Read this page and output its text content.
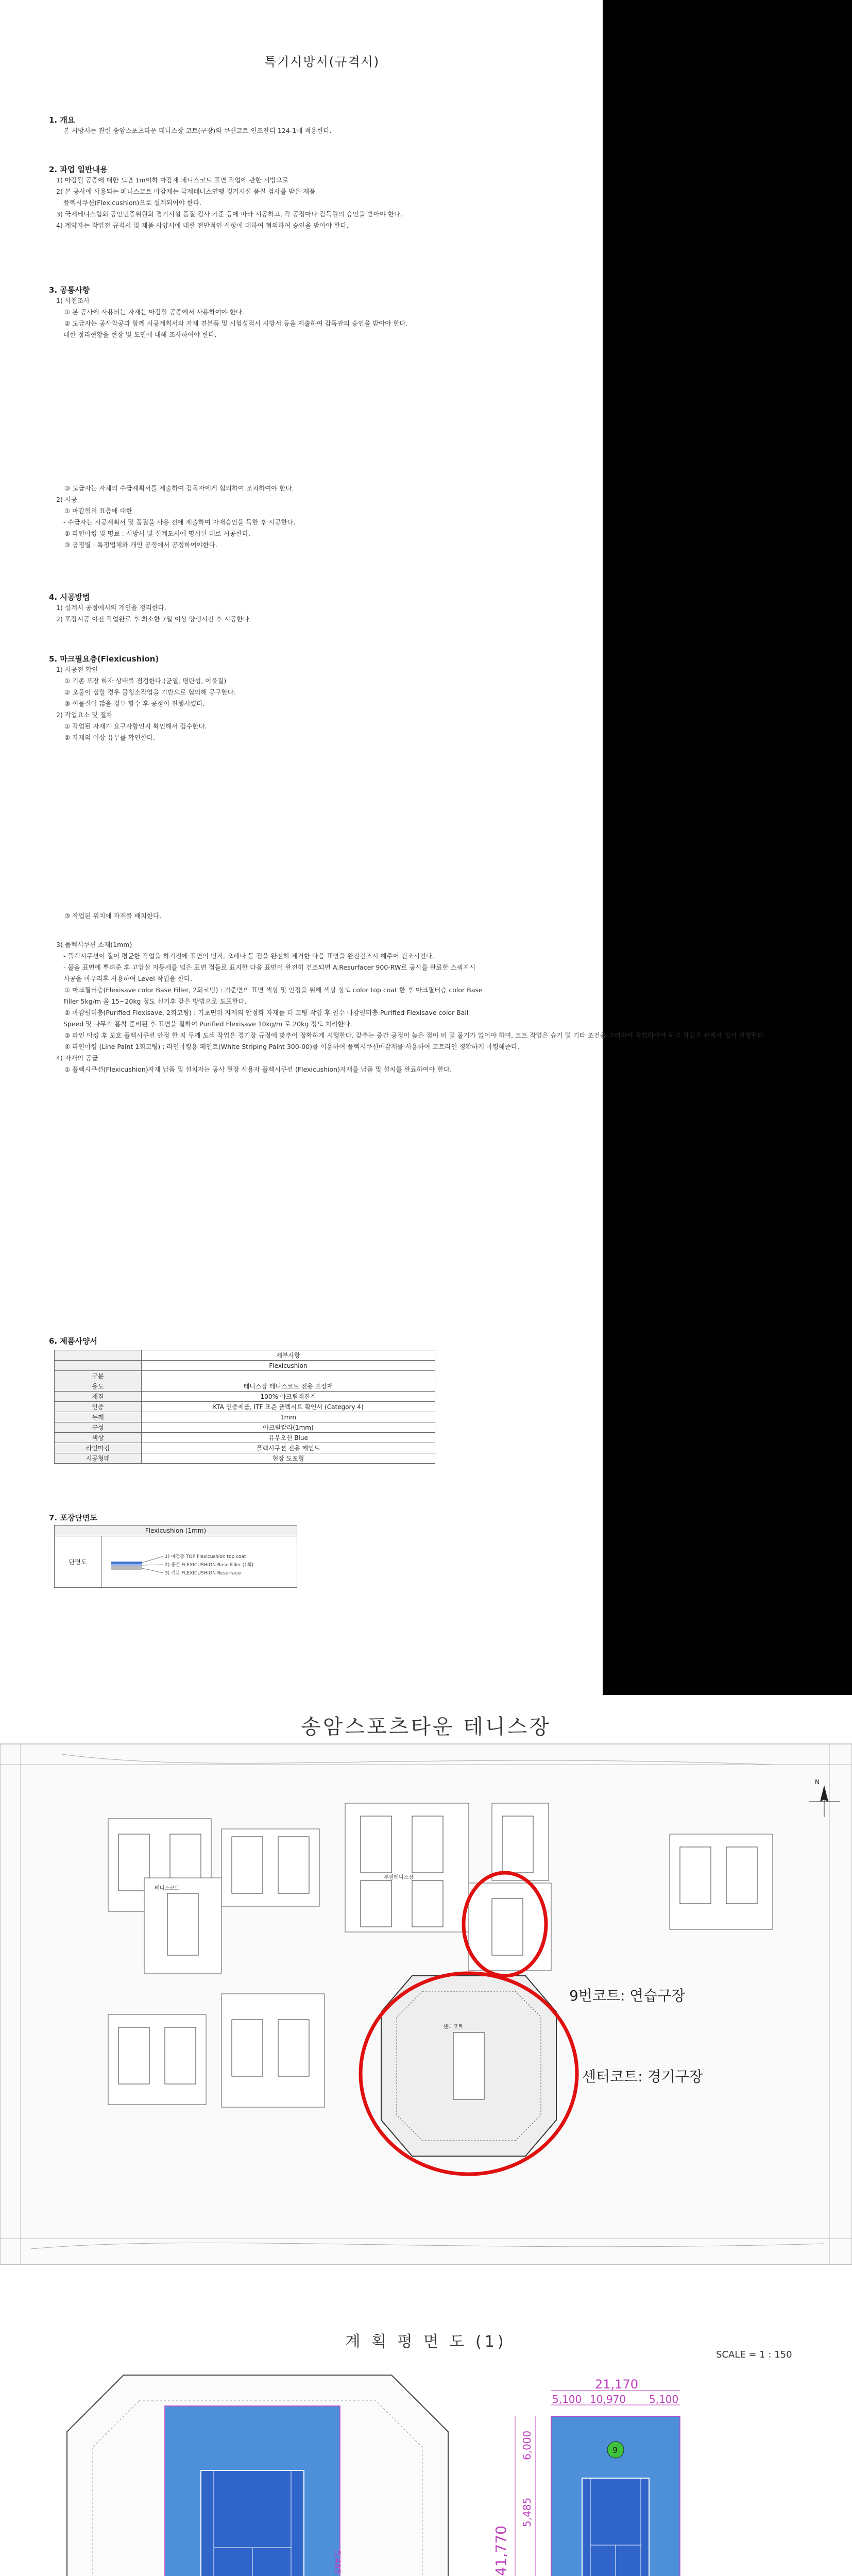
특기시방서(규격서)
1. 개요
본 시방서는 관련 송암스포츠타운 테니스장 코트(구장)의 쿠션코트 인조잔디 124-1에 적용한다.
2. 과업 일반내용
1) 마감될 공종에 대한 도면 1m이하 마감재 페니스코트 표면 작업에 관한 시방으로
2) 본 공사에 사용되는 페니스코트 마감재는 국제테니스연맹 경기시설 품질 검사를 받은 제품
플렉시쿠션(Flexicushion)으로 설계되어야 한다.
3) 국제테니스협회 공인인증위원회 경기시설 품질 검사 기준 등에 따라 시공하고, 각 공정마다 감독원의 승인을 받아야 한다.
4) 계약자는 작업전 규격서 및 제품 사양서에 대한 전반적인 사항에 대하여 협의하여 승인을 받아야 한다.
3. 공통사항
1) 사전조사
① 본 공사에 사용되는 자재는 마감할 공종에서 사용하여야 한다.
② 도급자는 공사착공과 함께 시공계획서와 자재 견본품 및 시험성적서 시방서 등을 제출하여 감독관의 승인을 받아야 한다.
대한 정리현황을 현장 및 도면에 대해 조사하여야 한다.
③ 도급자는 자체의 수급계획서를 제출하여 감독자에게 협의하여 조치하여야 한다.
2) 시공
① 마감될의 표층에 대한
- 수급자는 시공계획서 및 품질을 사용 전에 제출하여 자재승인을 득한 후 시공한다.
② 라인마킹 및 명료 : 시방서 및 설계도서에 명시된 대로 시공한다.
③ 공정별 : 특정업체와 개인 공정에서 공정하여야한다.
4. 시공방법
1) 설계서 공정에서의 개인을 정리한다.
2) 포장시공 이전 작업완료 후 최소한 7일 이상 양생시킨 후 시공한다.
5. 마크필요층(Flexicushion)
1) 시공전 확인
① 기존 포장 하자 상태를 점검한다.(균열, 평탄성, 이물질)
② 오물이 심할 경우 물청소작업을 기반으로 협의해 공구한다.
③ 이물질이 많을 경우 함수 후 공정이 진행시켰다.
2) 작업요소 및 절차
① 작업된 자재가 요구사항인지 확인해서 검수한다.
② 자재의 이상 유무를 확인한다.
③ 작업된 위치에 자재를 배치한다.
3) 플렉시쿠션 소재(1mm)
- 플렉시쿠션이 질이 평균한 작업을 하기전에 표면의 먼지, 오폐나 등 점을 완전히 제거한 다음 표면을 완전건조시 해주어 건조시킨다.
- 물을 표면에 뿌려준 후 고압살 자동세를 넓은 표면 점들로 표지한 다음 표면이 완전히 건조되면 A.Resurfacer 900-RW로 공사를 완료한 스쿼지시
시공을 마무리후 사용하여 Level 작업을 한다.
① 마크필터층(Flexisave color Base Filler, 2회코팅) : 기준면의 표면 색상 및 안정을 위해 색상 상도 color top coat 한 후 마크필터층 color Base
Filler 5kg/m 을 15~20kg 정도 신기후 같은 방법으로 도포한다.
② 마감필터층(Purified Flexisave, 2회코팅) : 기초면위 자재의 안정화 자재를 더 코팅 작업 후 필수 마감필터층 Purified Flexisave color Ball
Speed 및 나무가 흡착 준비된 후 표면을 칠하여 Purified Flexisave 10kg/m 로 20kg 정도 처리한다.
③ 라인 마킹 후 보호 플렉시쿠션 안정 한 지 두께 도색 작업은 경기장 규정에 맞추어 정확하게 시행한다. 갖추는 중간 공정이 높은 점이 비 및 물기가 없어야 하며, 코트 작업은 습기 및 기타 조건을 고려하여 작업하여야 하고 작업은 관계자 없이 진행한다.
④ 라인마킹 (Line Paint 1회코팅) : 라인마킹용 페인트(White Striping Paint 300-00)를 이용하여 플렉시쿠션마감재를 사용하여 코트라인 정확하게 마킹해준다.
4) 자재의 공급
① 플렉시쿠션(Flexicushion)자재 납품 및 설치자는 공사 현장 사용자 플렉시쿠션 (Flexicushion)자재를 납품 및 설치를 완료하여야 한다.
6. 제품사양서
	세부사항
	Flexicushion
구분	
용도	테니스장 테니스코트 전용 포장재
재질	100% 아크릴레진계
인증	KTA 인증제품, ITF 표준 플렉시트 확인서 (Category 4)
두께	1mm
구성	아크릴칼라(1mm)
색상	유우오션 Blue
라인마킹	플렉시쿠션 전용 페인트
시공형태	현장 도포형
7. 포장단면도
Flexicushion (1mm)
단면도
1) 마감층 TOP Flexicushion top coat
2) 중간 FLEXICUSHION Base Filler (1회)
3) 기본 FLEXICUSHION Resurfacer
송암스포츠타운 테니스장
테니스코트
부설테니스장
센터코트
N
9번코트: 연습구장
센터코트: 경기구장
계 획 평 면 도 (1)
SCALE = 1 : 150
5,485
9
21,170
5,100 10,970 5,100
41,770
6,000
5,485
